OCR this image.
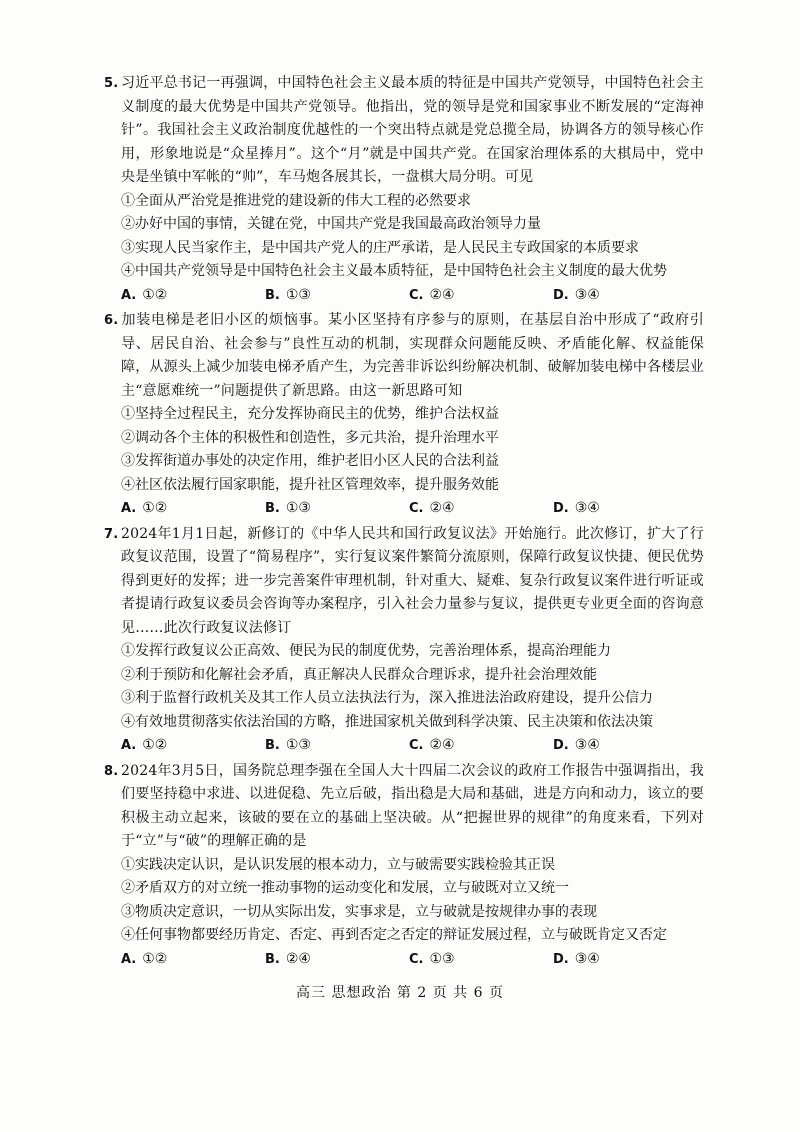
5. 习近平总书记一再强调，中国特色社会主义最本质的特征是中国共产党领导，中国特色社会主义制度的最大优势是中国共产党领导。他指出，党的领导是党和国家事业不断发展的“定海神针”。我国社会主义政治制度优越性的一个突出特点就是党总揽全局，协调各方的领导核心作用，形象地说是“众星捧月”。这个“月”就是中国共产党。在国家治理体系的大棋局中，党中央是坐镇中军帐的“帅”，车马炮各展其长，一盘棋大局分明。可见

①全面从严治党是推进党的建设新的伟大工程的必然要求

②办好中国的事情，关键在党，中国共产党是我国最高政治领导力量

③实现人民当家作主，是中国共产党人的庄严承诺，是人民民主专政国家的本质要求

④中国共产党领导是中国特色社会主义最本质特征，是中国特色社会主义制度的最大优势

A. ①②	B. ①③	C. ②④	D. ③④

6. 加装电梯是老旧小区的烦恼事。某小区坚持有序参与的原则，在基层自治中形成了“政府引导、居民自治、社会参与”良性互动的机制，实现群众问题能反映、矛盾能化解、权益能保障，从源头上减少加装电梯矛盾产生，为完善非诉讼纠纷解决机制、破解加装电梯中各楼层业主“意愿难统一”问题提供了新思路。由这一新思路可知

①坚持全过程民主，充分发挥协商民主的优势，维护合法权益

②调动各个主体的积极性和创造性，多元共治，提升治理水平

③发挥街道办事处的决定作用，维护老旧小区人民的合法利益

④社区依法履行国家职能，提升社区管理效率，提升服务效能

A. ①②	B. ①③	C. ②④	D. ③④

7. 2024年1月1日起，新修订的《中华人民共和国行政复议法》开始施行。此次修订，扩大了行政复议范围，设置了“简易程序”，实行复议案件繁简分流原则，保障行政复议快捷、便民优势得到更好的发挥；进一步完善案件审理机制，针对重大、疑难、复杂行政复议案件进行听证或者提请行政复议委员会咨询等办案程序，引入社会力量参与复议，提供更专业更全面的咨询意见……此次行政复议法修订

①发挥行政复议公正高效、便民为民的制度优势，完善治理体系，提高治理能力

②利于预防和化解社会矛盾，真正解决人民群众合理诉求，提升社会治理效能

③利于监督行政机关及其工作人员立法执法行为，深入推进法治政府建设，提升公信力

④有效地贯彻落实依法治国的方略，推进国家机关做到科学决策、民主决策和依法决策

A. ①②	B. ①③	C. ②④	D. ③④

8. 2024年3月5日，国务院总理李强在全国人大十四届二次会议的政府工作报告中强调指出，我们要坚持稳中求进、以进促稳、先立后破，指出稳是大局和基础，进是方向和动力，该立的要积极主动立起来，该破的要在立的基础上坚决破。从“把握世界的规律”的角度来看，下列对于“立”与“破”的理解正确的是

①实践决定认识，是认识发展的根本动力，立与破需要实践检验其正误

②矛盾双方的对立统一推动事物的运动变化和发展，立与破既对立又统一

③物质决定意识，一切从实际出发，实事求是，立与破就是按规律办事的表现

④任何事物都要经历肯定、否定、再到否定之否定的辩证发展过程，立与破既肯定又否定

A. ①②	B. ②④	C. ①③	D. ③④
高三 思想政治 第 2 页 共 6 页
